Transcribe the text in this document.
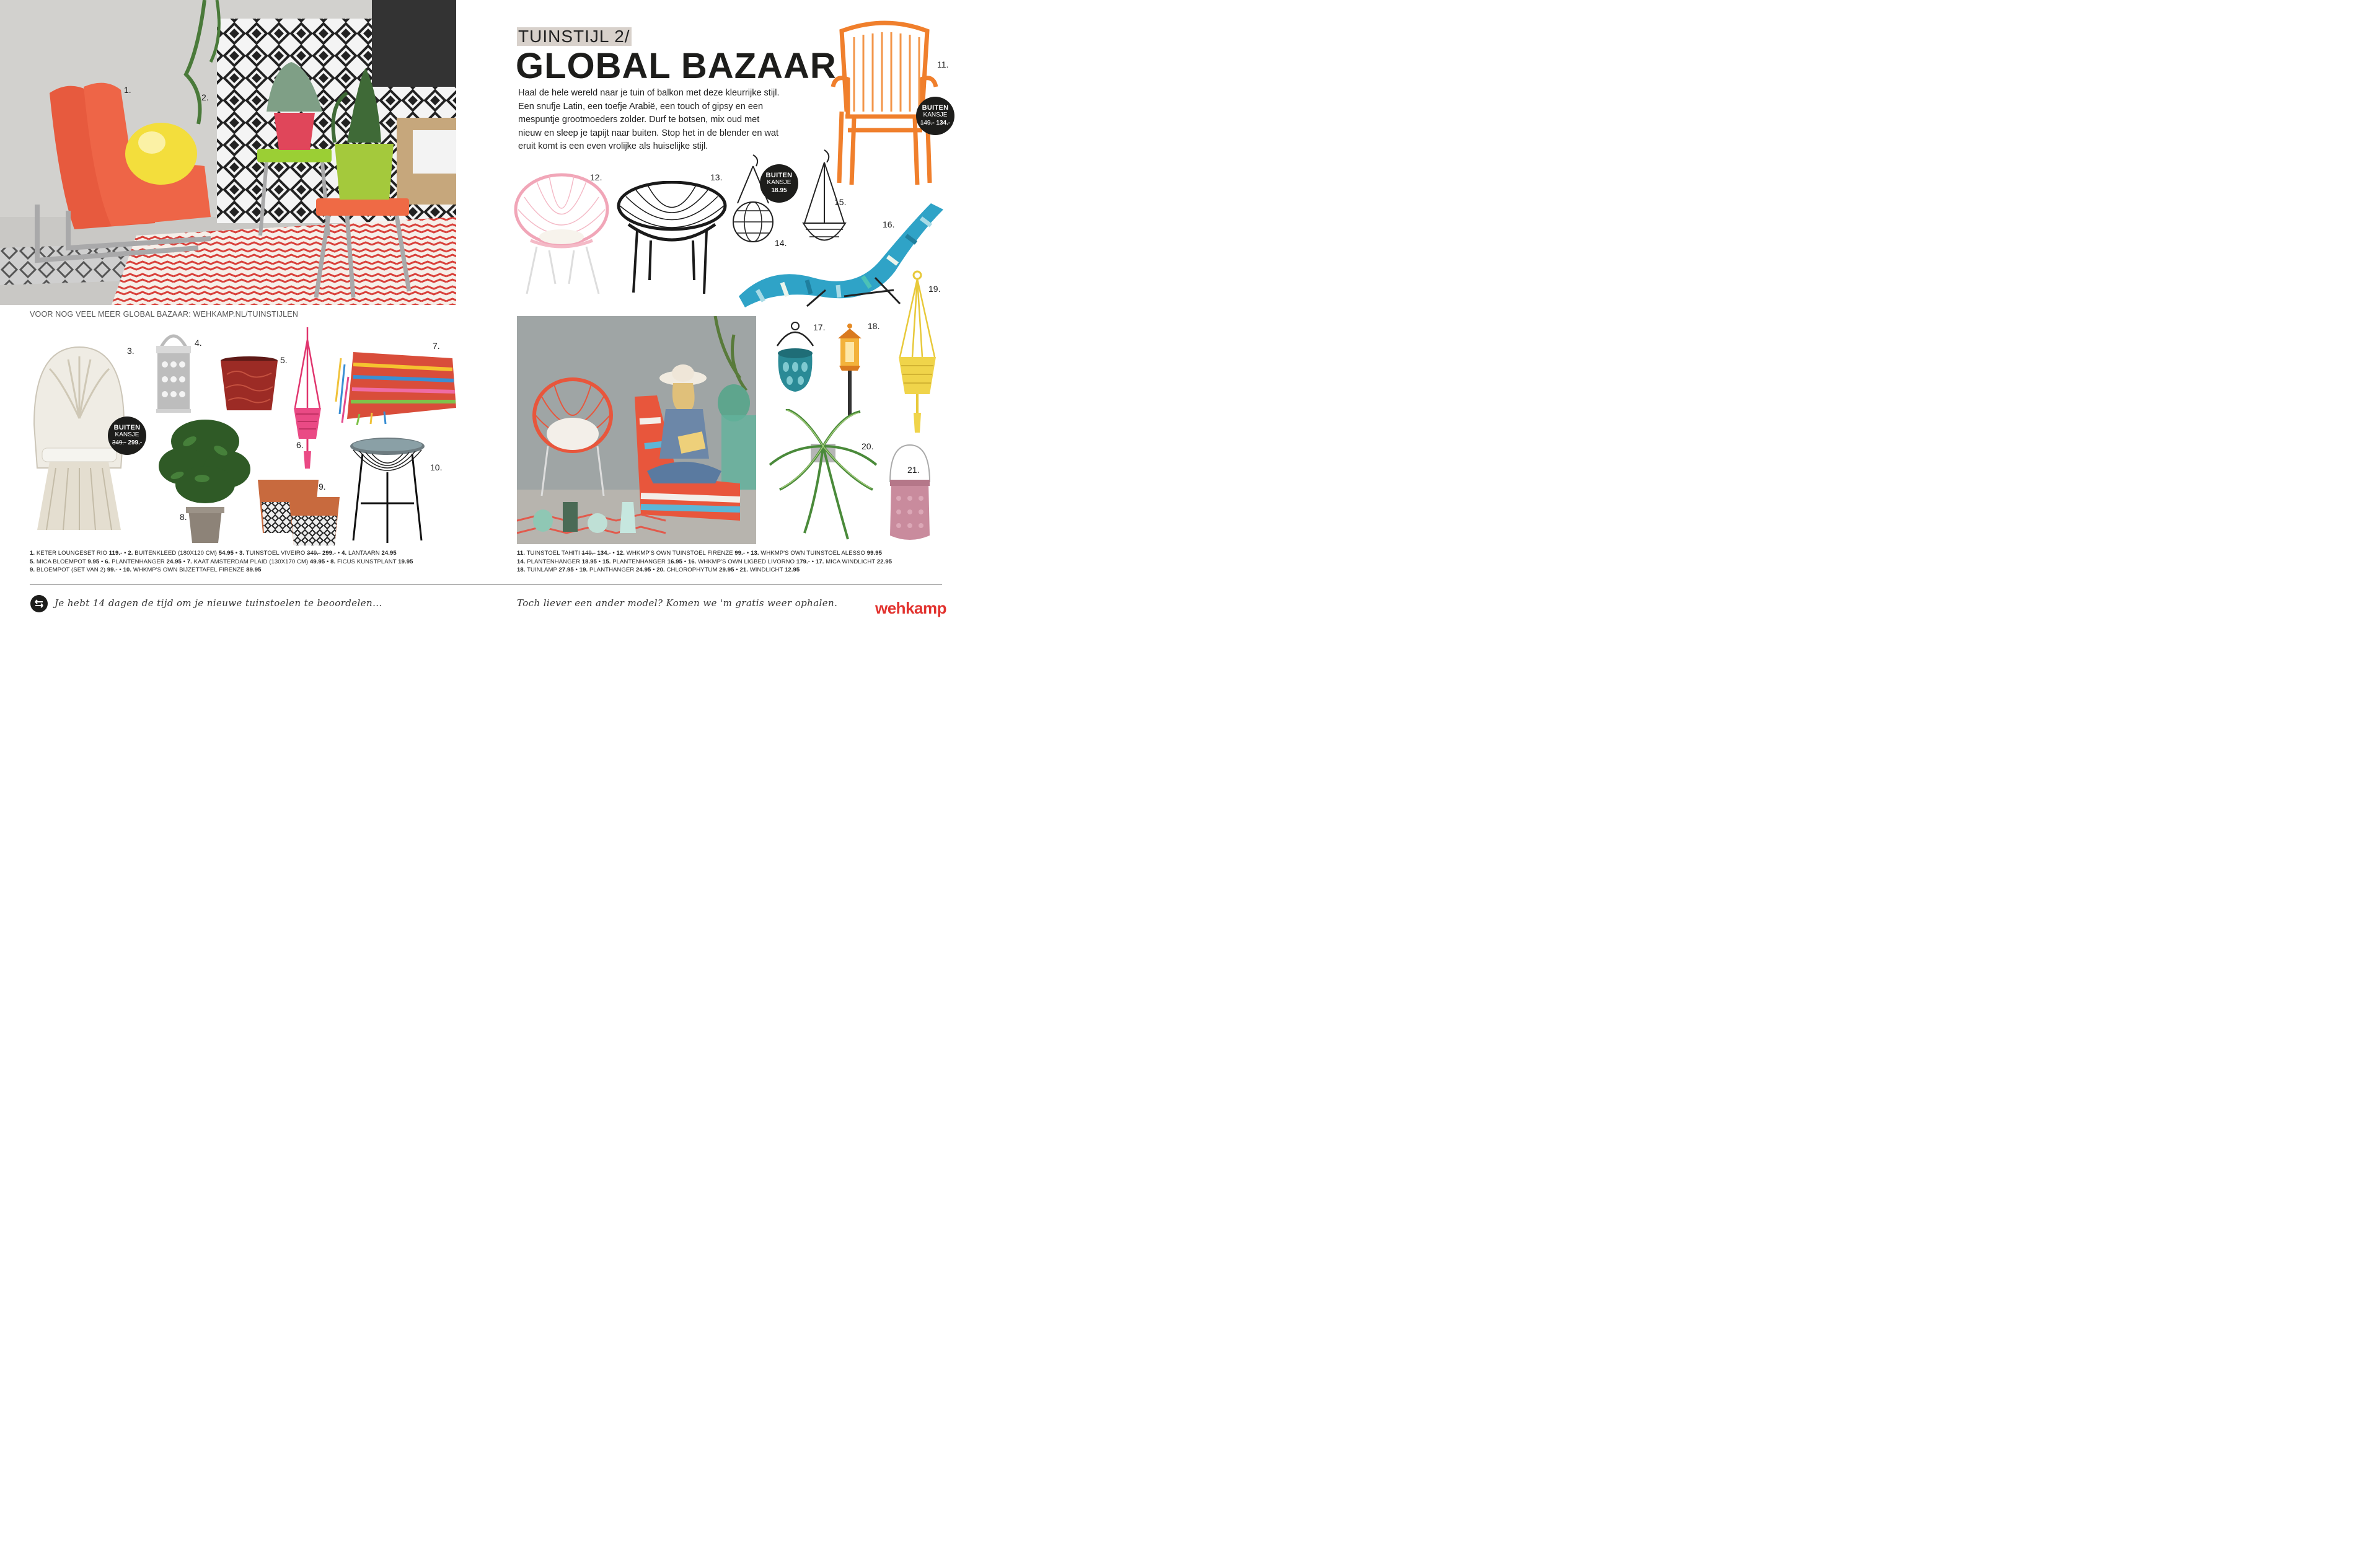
1.
2.
VOOR NOG VEEL MEER GLOBAL BAZAAR: WEHKAMP.NL/TUINSTIJLEN
3.
BUITEN
KANSJE
349.- 299.-
4.
5.
6.
7.
8.
9.
10.
1. KETER LOUNGESET RIO 119.- • 2. BUITENKLEED (180X120 CM) 54.95 • 3. TUINSTOEL VIVEIRO 349.- 299.- • 4. LANTAARN 24.95
5. MICA BLOEMPOT 9.95 • 6. PLANTENHANGER 24.95 • 7. KAAT AMSTERDAM PLAID (130X170 CM) 49.95 • 8. FICUS KUNSTPLANT 19.95
9. BLOEMPOT (SET VAN 2) 99.- • 10. WHKMP'S OWN BIJZETTAFEL FIRENZE 89.95
TUINSTIJL 2/
GLOBAL BAZAAR
Haal de hele wereld naar je tuin of balkon met deze kleurrijke stijl. Een snufje Latin, een toefje Arabië, een touch of gipsy en een mespuntje grootmoeders zolder. Durf te botsen, mix oud met nieuw en sleep je tapijt naar buiten. Stop het in de blender en wat eruit komt is een even vrolijke als huiselijke stijl.
11.
BUITEN
KANSJE
149.- 134.-
12.	13.
14.
BUITEN
KANSJE
18.95
15.
16.
17.	18.
19.
20.
21.
11. TUINSTOEL TAHITI 149.- 134.- • 12. WHKMP'S OWN TUINSTOEL FIRENZE 99.- • 13. WHKMP'S OWN TUINSTOEL ALESSO 99.95
14. PLANTENHANGER 18.95 • 15. PLANTENHANGER 16.95 • 16. WHKMP'S OWN LIGBED LIVORNO 179.- • 17. MICA WINDLICHT 22.95
18. TUINLAMP 27.95 • 19. PLANTHANGER 24.95 • 20. CHLOROPHYTUM 29.95 • 21. WINDLICHT 12.95
Je hebt 14 dagen de tijd om je nieuwe tuinstoelen te beoordelen...	Toch liever een ander model? Komen we 'm gratis weer ophalen. wehkamp
